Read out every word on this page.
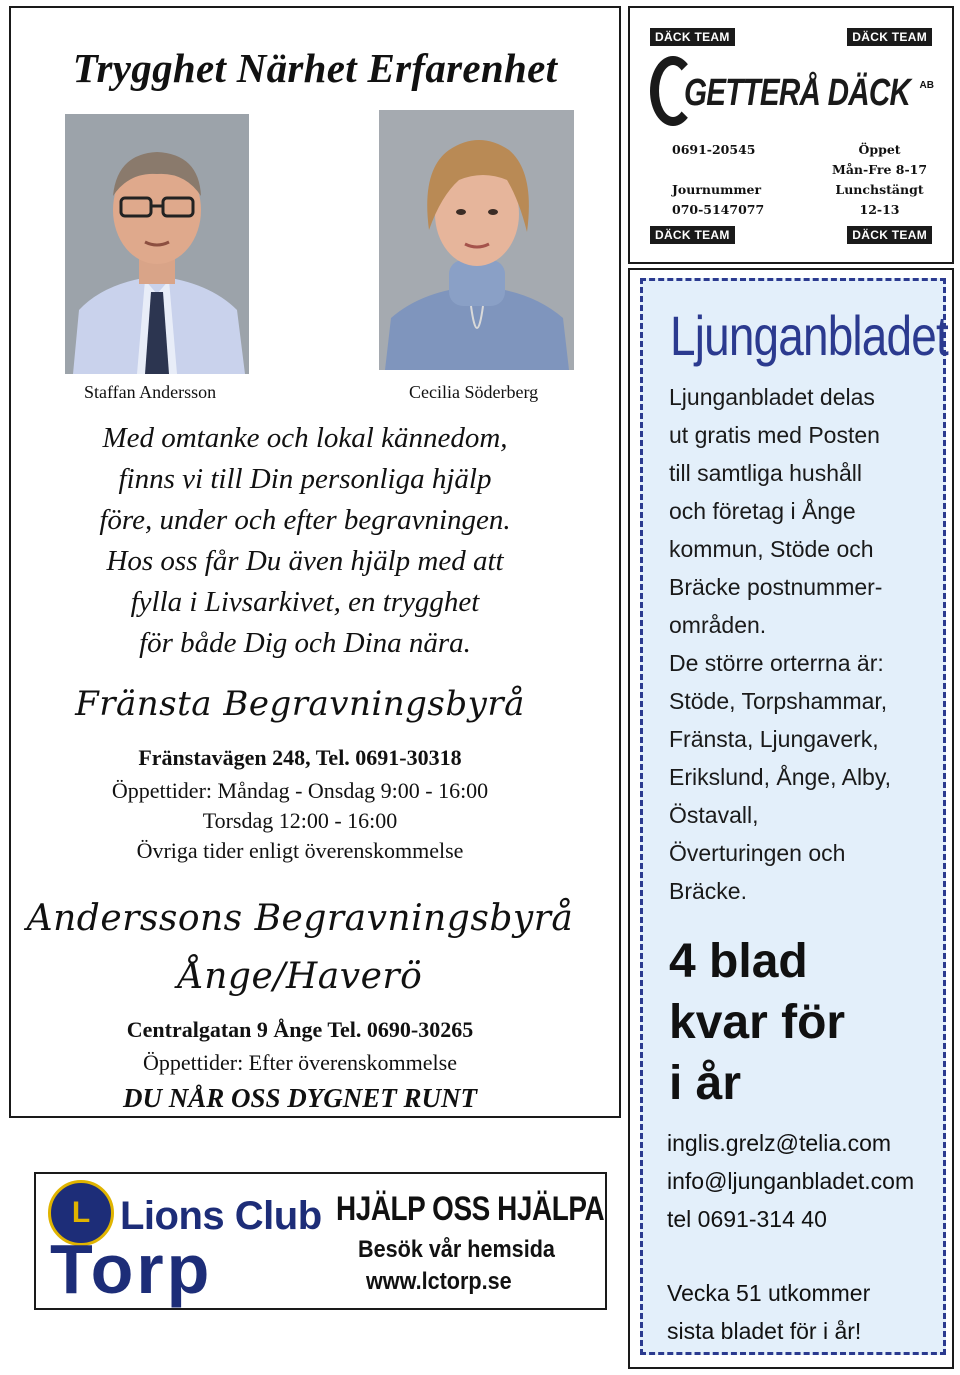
Trygghet Närhet Erfarenhet
Staffan Andersson	Cecilia Söderberg
Med omtanke och lokal kännedom,
finns vi till Din personliga hjälp
före, under och efter begravningen.
Hos oss får Du även hjälp med att
fylla i Livsarkivet, en trygghet
för både Dig och Dina nära.
Fränsta Begravningsbyrå
Fränstavägen 248, Tel. 0691-30318
Öppettider: Måndag - Onsdag 9:00 - 16:00
Torsdag 12:00 - 16:00
Övriga tider enligt överenskommelse
Anderssons Begravningsbyrå
Ånge/Haverö
Centralgatan 9 Ånge Tel. 0690-30265
Öppettider: Efter överenskommelse
DU NÅR OSS DYGNET RUNT
L Lions Club
Torp
HJÄLP OSS HJÄLPA
Besök vår hemsida
www.lctorp.se
DÄCK TEAM	DÄCK TEAM
GETTERÅ DÄCK AB
0691-20545

Journummer
070-5147077
Öppet
Mån-Fre 8-17
Lunchstängt
12-13
DÄCK TEAM	DÄCK TEAM
Ljunganbladet
Ljunganbladet delas
ut gratis med Posten
till samtliga hushåll
och företag i Ånge
kommun, Stöde och
Bräcke postnummer-
områden.
De större orterrna är:
Stöde, Torpshammar,
Fränsta, Ljungaverk,
Erikslund, Ånge, Alby,
Östavall,
Överturingen och
Bräcke.
4 blad
kvar för
i år
inglis.grelz@telia.com
info@ljunganbladet.com
tel 0691-314 40
Vecka 51 utkommer
sista bladet för i år!
